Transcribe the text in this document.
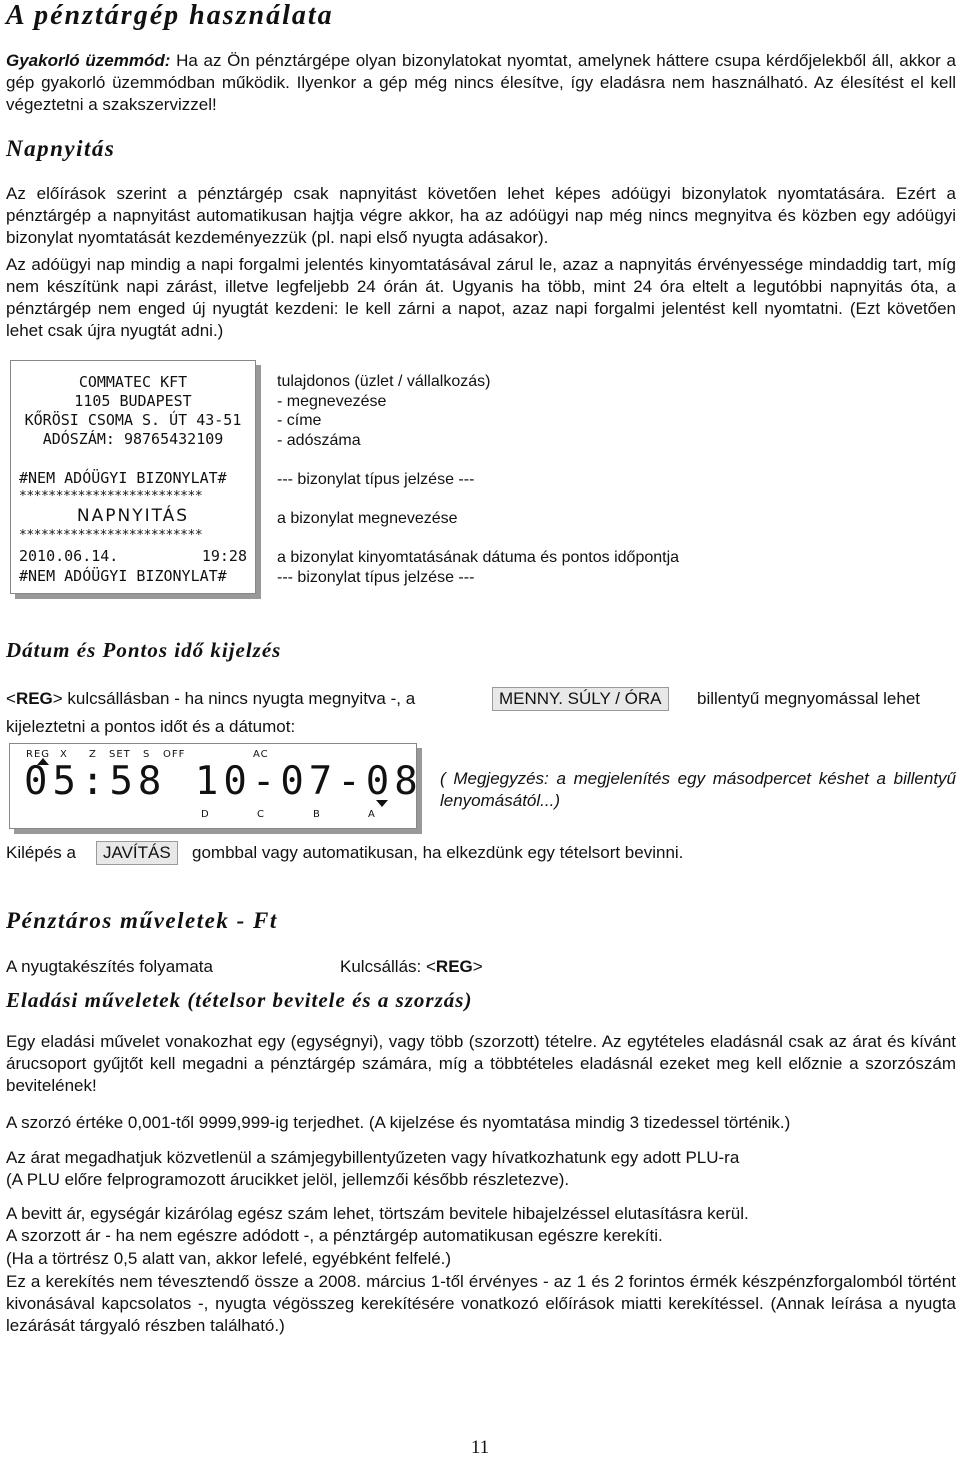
A pénztárgép használata

Gyakorló üzemmód: Ha az Ön pénztárgépe olyan bizonylatokat nyomtat, amelynek háttere csupa kérdőjelekből áll, akkor a gép gyakorló üzemmódban működik. Ilyenkor a gép még nincs élesítve, így eladásra nem használható. Az élesítést el kell végeztetni a szakszervizzel!

Napnyitás

Az előírások szerint a pénztárgép csak napnyitást követően lehet képes adóügyi bizonylatok nyomtatására. Ezért a pénztárgép a napnyitást automatikusan hajtja végre akkor, ha az adóügyi nap még nincs megnyitva és közben egy adóügyi bizonylat nyomtatását kezdeményezzük (pl. napi első nyugta adásakor).

Az adóügyi nap mindig a napi forgalmi jelentés kinyomtatásával zárul le, azaz a napnyitás érvényessége mindaddig tart, míg nem készítünk napi zárást, illetve legfeljebb 24 órán át. Ugyanis ha több, mint 24 óra eltelt a legutóbbi napnyitás óta, a pénztárgép nem enged új nyugtát kezdeni: le kell zárni a napot, azaz napi forgalmi jelentést kell nyomtatni. (Ezt követően lehet csak újra nyugtát adni.)

COMMATEC KFT
1105 BUDAPEST
KŐRÖSI CSOMA S. ÚT 43-51
ADÓSZÁM: 98765432109
#NEM ADÓÜGYI BIZONYLAT#
*************************
NAPNYITÁS
*************************
2010.06.14.	19:28
#NEM ADÓÜGYI BIZONYLAT#
tulajdonos (üzlet / vállalkozás)
- megnevezése
- címe
- adószáma
--- bizonylat típus jelzése ---
a bizonylat megnevezése
a bizonylat kinyomtatásának dátuma és pontos időpontja
--- bizonylat típus jelzése ---
Dátum és Pontos idő kijelzés
<REG> kulcsállásban - ha nincs nyugta megnyitva -, a	MENNY. SÚLY / ÓRA	billentyű megnyomással lehet
kijeleztetni a pontos időt és a dátumot:
REG X Z SET S OFF	AC
05:58 10-07-08
D	C	B	A
( Megjegyzés: a megjelenítés egy másodpercet késhet a billentyű lenyomásától...)
Kilépés a	JAVÍTÁS	gombbal vagy automatikusan, ha elkezdünk egy tételsort bevinni.
Pénztáros műveletek - Ft
A nyugtakészítés folyamata	Kulcsállás: <REG>
Eladási műveletek (tételsor bevitele és a szorzás)

Egy eladási művelet vonakozhat egy (egységnyi), vagy több (szorzott) tételre. Az egytételes eladásnál csak az árat és kívánt árucsoport gyűjtőt kell megadni a pénztárgép számára, míg a többtételes eladásnál ezeket meg kell előznie a szorzószám bevitelének!

A szorzó értéke 0,001-től 9999,999-ig terjedhet. (A kijelzése és nyomtatása mindig 3 tizedessel történik.)

Az árat megadhatjuk közvetlenül a számjegybillentyűzeten vagy hívatkozhatunk egy adott PLU-ra

(A PLU előre felprogramozott árucikket jelöl, jellemzői később részletezve).

A bevitt ár, egységár kizárólag egész szám lehet, törtszám bevitele hibajelzéssel elutasításra kerül.

A szorzott ár - ha nem egészre adódott -, a pénztárgép automatikusan egészre kerekíti.

(Ha a törtrész 0,5 alatt van, akkor lefelé, egyébként felfelé.)

Ez a kerekítés nem tévesztendő össze a 2008. március 1-től érvényes - az 1 és 2 forintos érmék készpénzforgalomból történt kivonásával kapcsolatos -, nyugta végösszeg kerekítésére vonatkozó előírások miatti kerekítéssel. (Annak leírása a nyugta lezárását tárgyaló részben található.)

11
